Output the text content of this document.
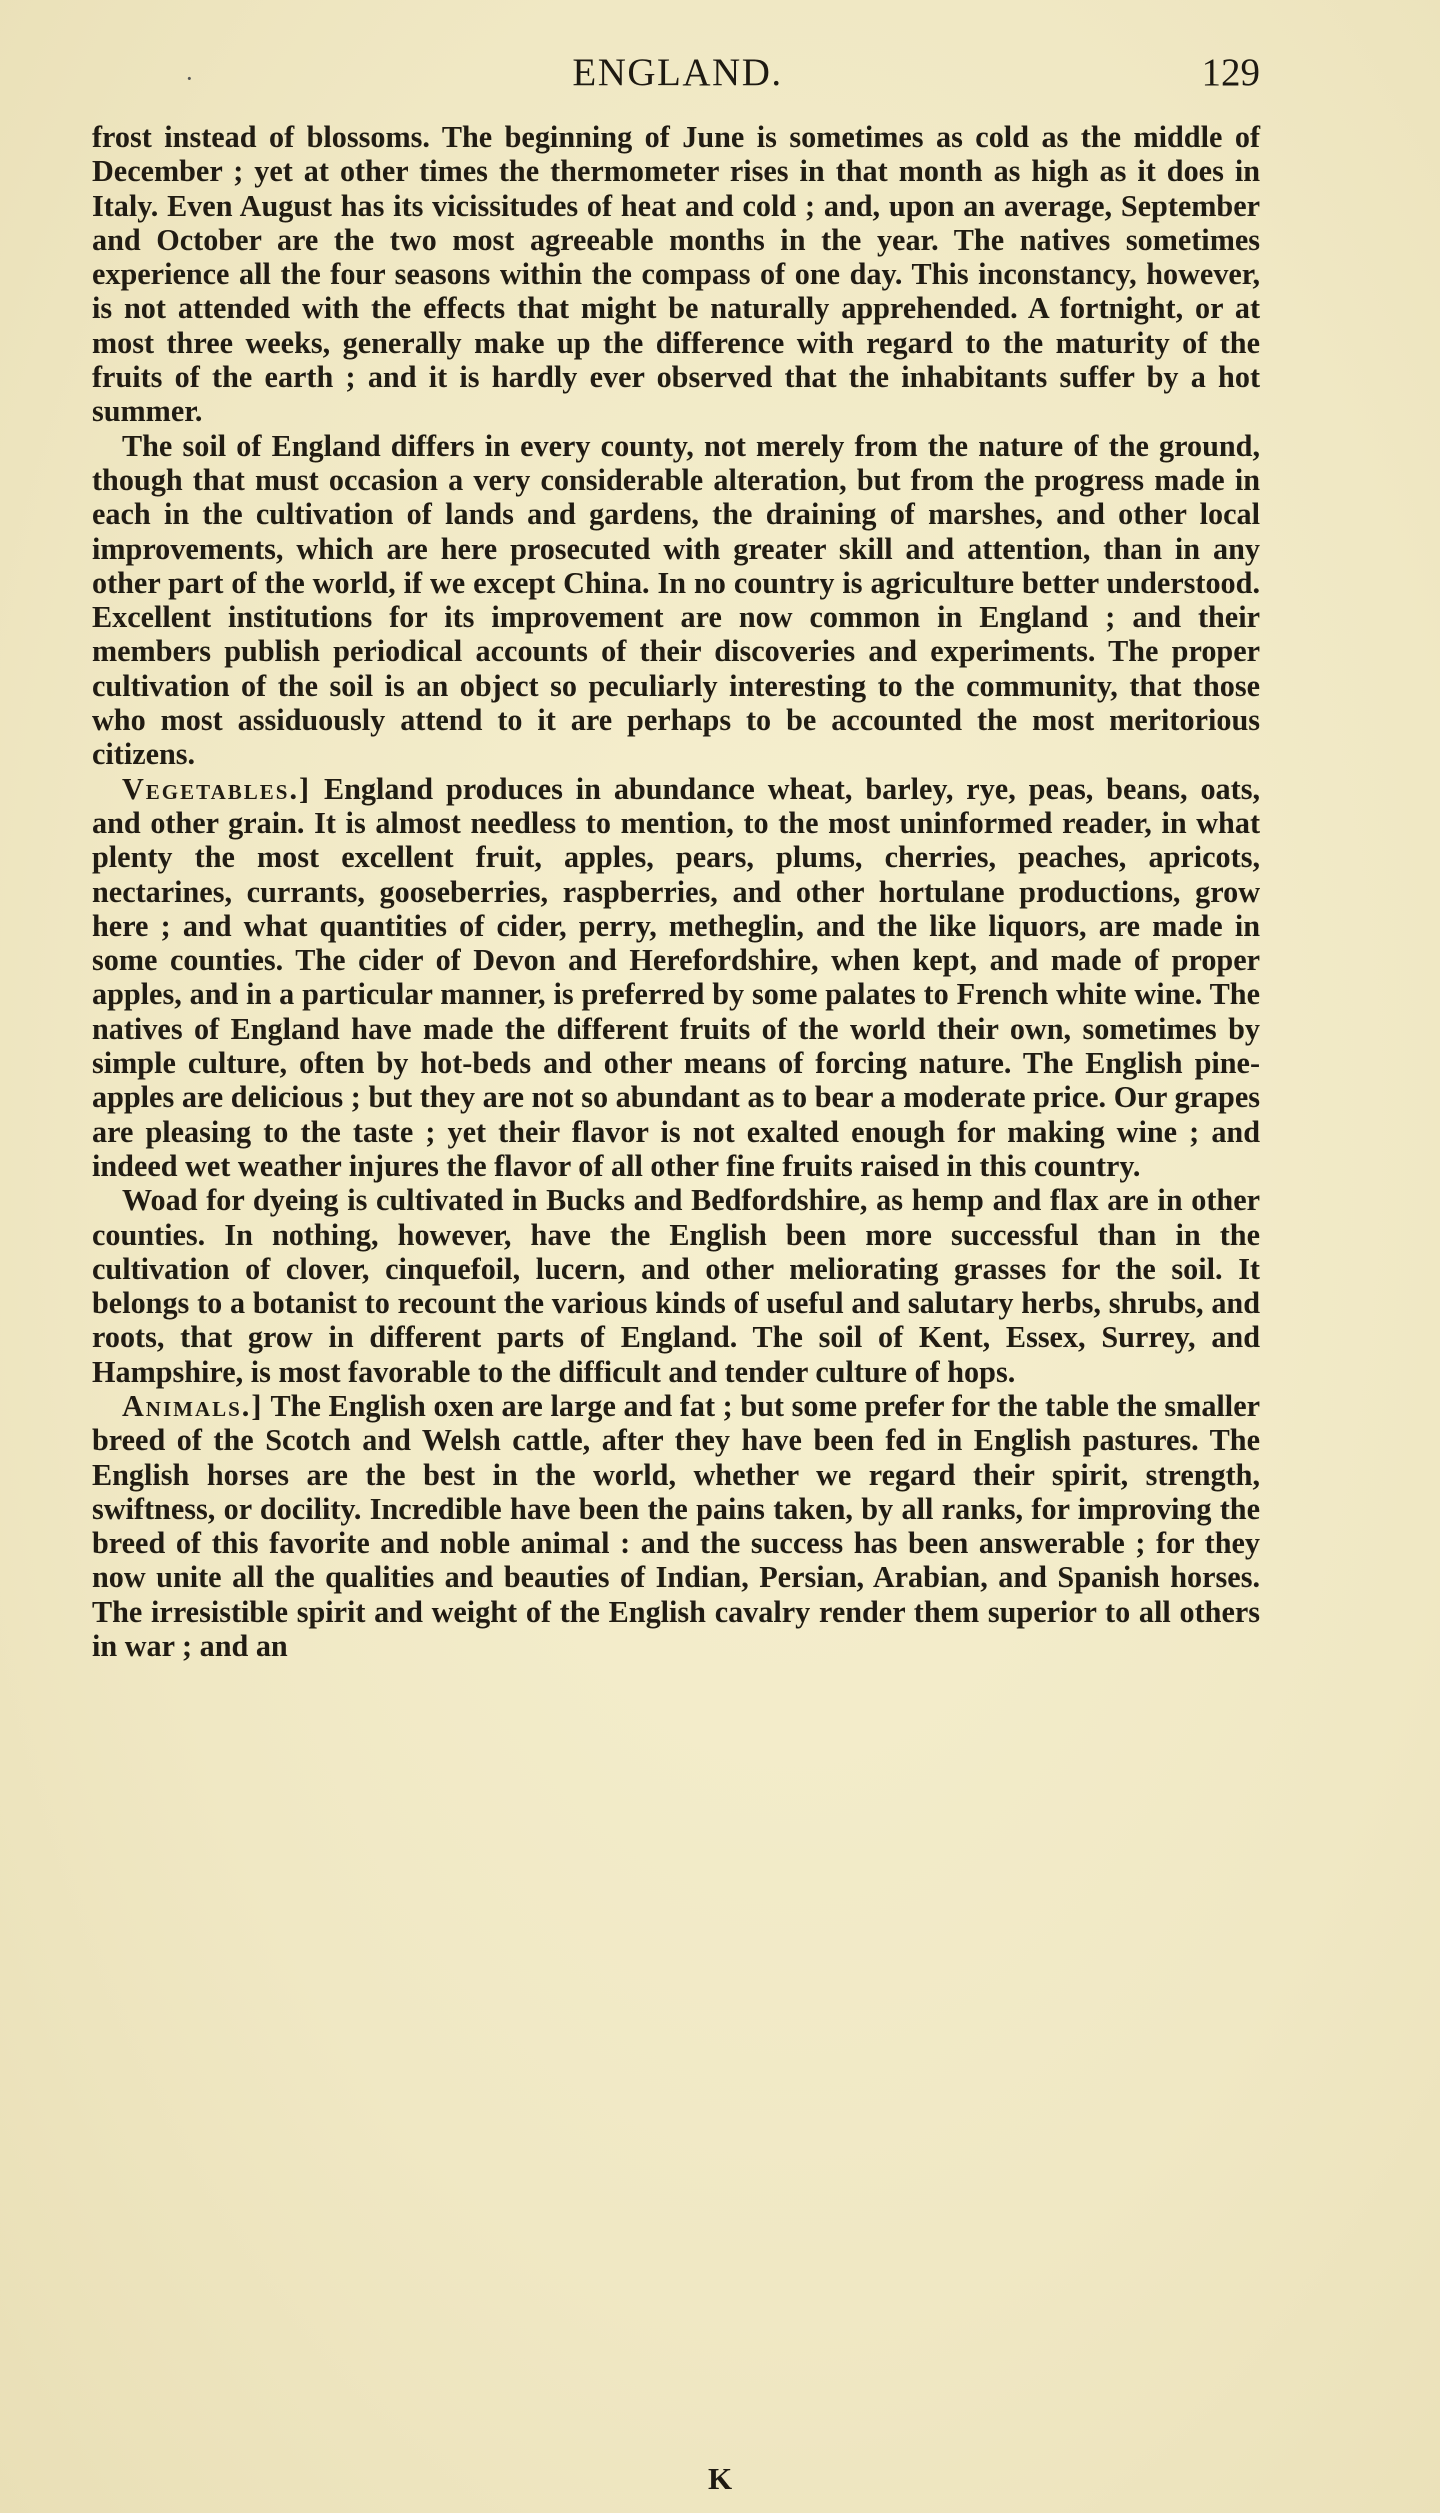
·	ENGLAND.	129

frost instead of blossoms. The beginning of June is sometimes as cold as the middle of December ; yet at other times the thermometer rises in that month as high as it does in Italy. Even August has its vicissitudes of heat and cold ; and, upon an average, September and October are the two most agreeable months in the year. The natives sometimes experience all the four seasons within the compass of one day. This inconstancy, however, is not attended with the effects that might be naturally apprehended. A fortnight, or at most three weeks, generally make up the difference with regard to the maturity of the fruits of the earth ; and it is hardly ever observed that the inhabitants suffer by a hot summer.

The soil of England differs in every county, not merely from the nature of the ground, though that must occasion a very considerable alteration, but from the progress made in each in the cultivation of lands and gardens, the draining of marshes, and other local improvements, which are here prosecuted with greater skill and attention, than in any other part of the world, if we except China. In no country is agriculture better understood. Excellent institutions for its improvement are now common in England ; and their members publish periodical accounts of their discoveries and experiments. The proper cultivation of the soil is an object so peculiarly interesting to the community, that those who most assiduously attend to it are perhaps to be accounted the most meritorious citizens.

Vegetables.] England produces in abundance wheat, barley, rye, peas, beans, oats, and other grain. It is almost needless to mention, to the most uninformed reader, in what plenty the most excellent fruit, apples, pears, plums, cherries, peaches, apricots, nectarines, currants, gooseberries, raspberries, and other hortulane productions, grow here ; and what quantities of cider, perry, metheglin, and the like liquors, are made in some counties. The cider of Devon and Herefordshire, when kept, and made of proper apples, and in a particular manner, is preferred by some palates to French white wine. The natives of England have made the different fruits of the world their own, sometimes by simple culture, often by hot-beds and other means of forcing nature. The English pine-apples are delicious ; but they are not so abundant as to bear a moderate price. Our grapes are pleasing to the taste ; yet their flavor is not exalted enough for making wine ; and indeed wet weather injures the flavor of all other fine fruits raised in this country.

Woad for dyeing is cultivated in Bucks and Bedfordshire, as hemp and flax are in other counties. In nothing, however, have the English been more successful than in the cultivation of clover, cinquefoil, lucern, and other meliorating grasses for the soil. It belongs to a botanist to recount the various kinds of useful and salutary herbs, shrubs, and roots, that grow in different parts of England. The soil of Kent, Essex, Surrey, and Hampshire, is most favorable to the difficult and tender culture of hops.

Animals.] The English oxen are large and fat ; but some prefer for the table the smaller breed of the Scotch and Welsh cattle, after they have been fed in English pastures. The English horses are the best in the world, whether we regard their spirit, strength, swiftness, or docility. Incredible have been the pains taken, by all ranks, for improving the breed of this favorite and noble animal : and the success has been answerable ; for they now unite all the qualities and beauties of Indian, Persian, Arabian, and Spanish horses. The irresistible spirit and weight of the English cavalry render them superior to all others in war ; and an

K
